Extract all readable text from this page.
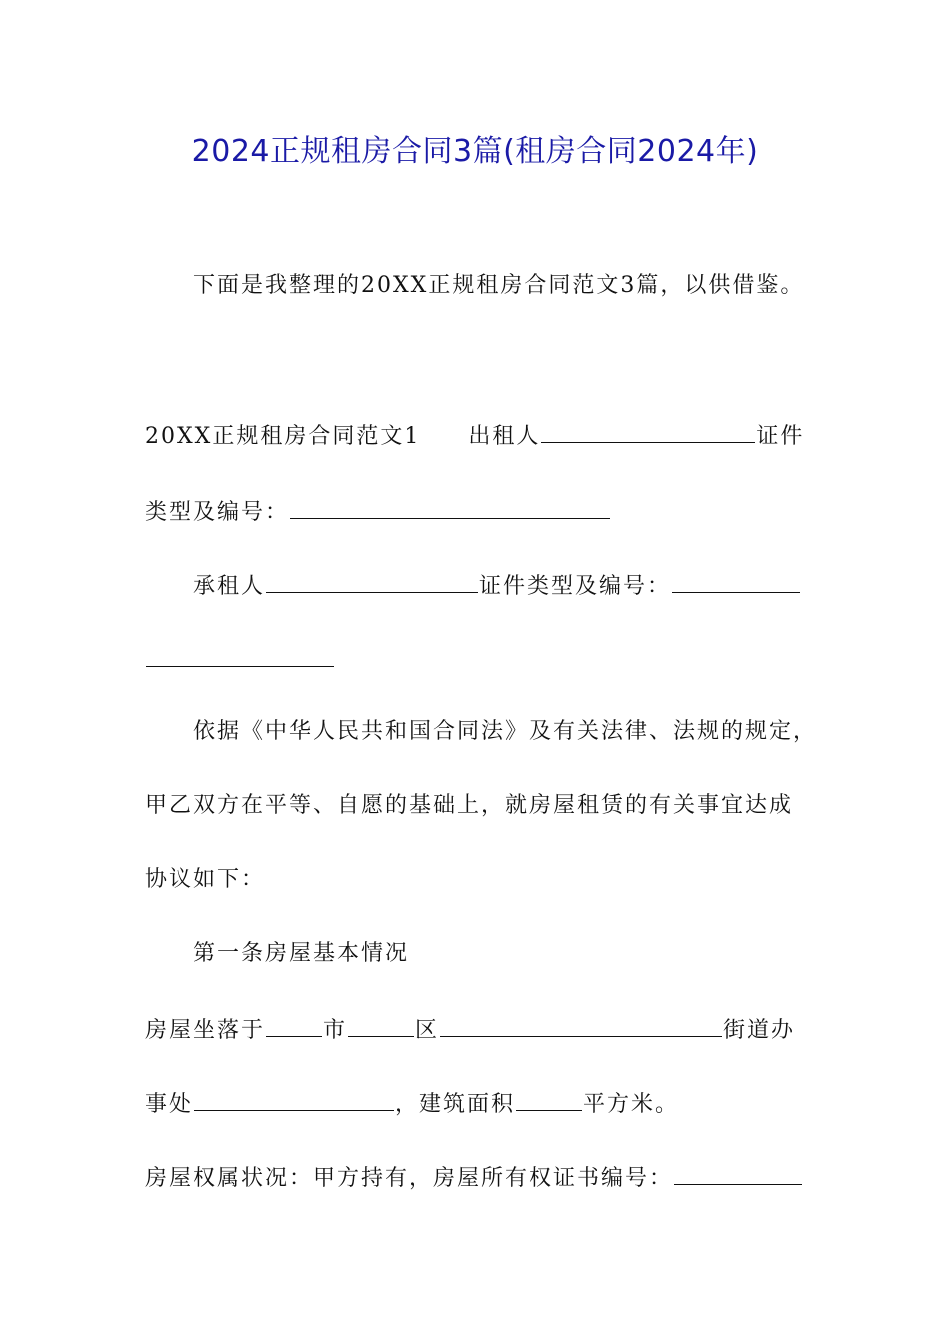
2024正规租房合同3篇(租房合同2024年)
下面是我整理的20XX正规租房合同范文3篇，以供借鉴。
20XX正规租房合同范文1 出租人	证件
类型及编号：
承租人	证件类型及编号：
依据《中华人民共和国合同法》及有关法律、法规的规定，
甲乙双方在平等、自愿的基础上，就房屋租赁的有关事宜达成
协议如下：
第一条房屋基本情况
房屋坐落于	市	区	街道办
事处	，建筑面积	平方米。
房屋权属状况：甲方持有，房屋所有权证书编号：
